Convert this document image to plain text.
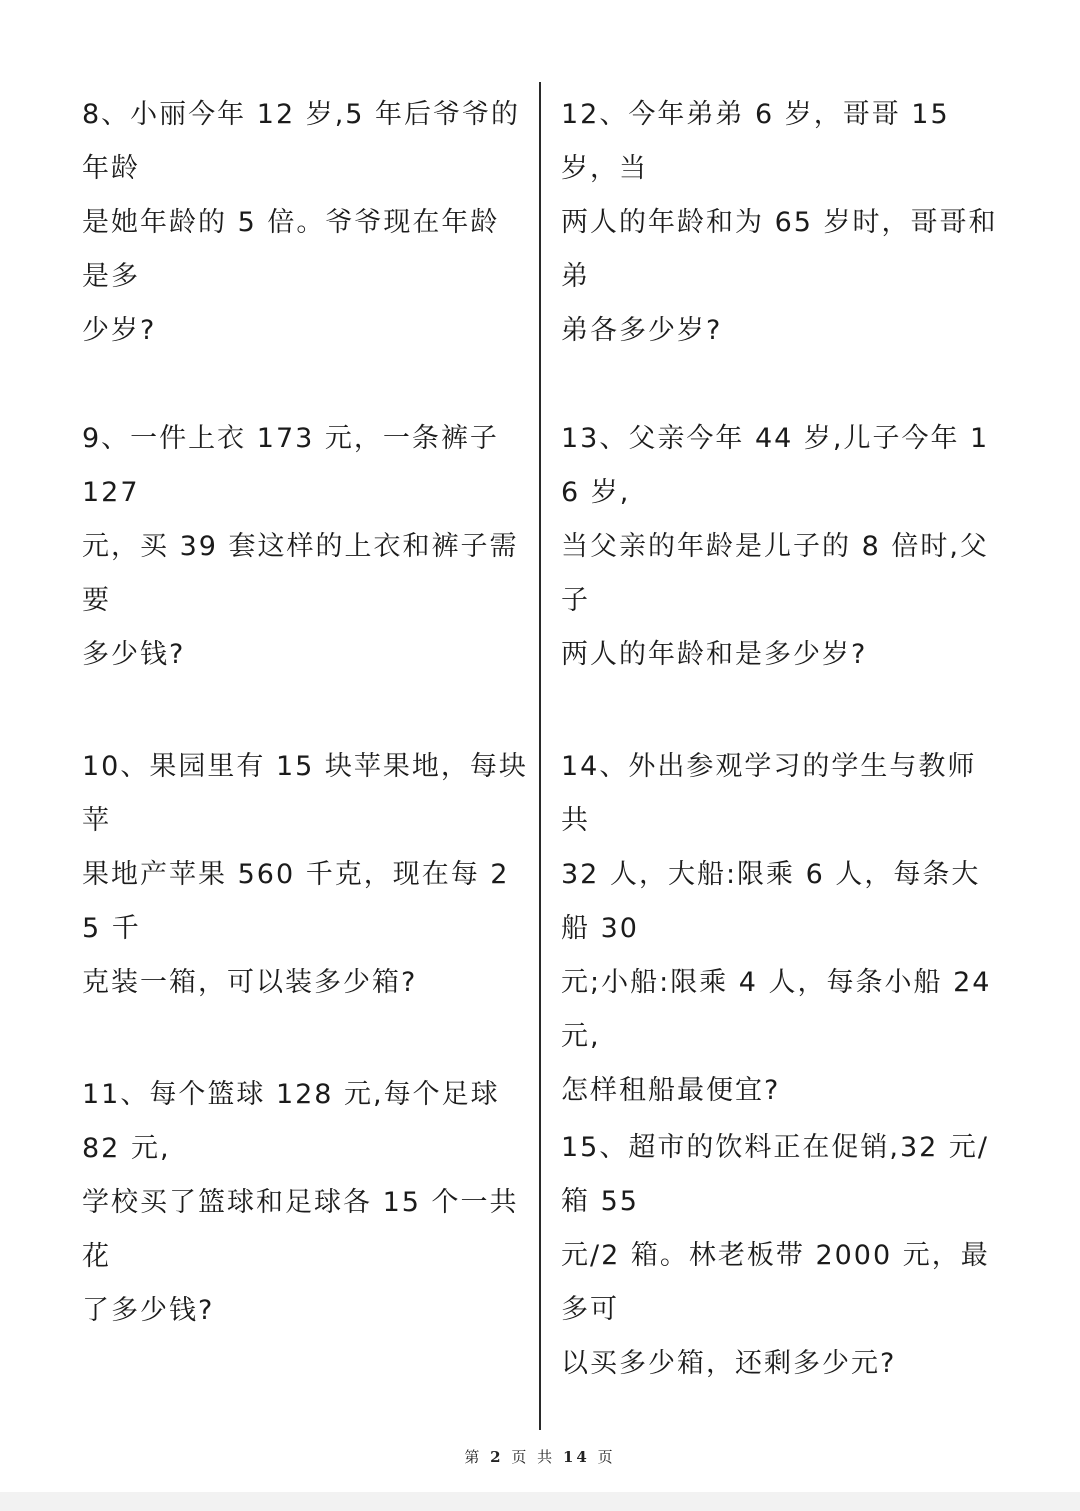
8、小丽今年 12 岁,5 年后爷爷的年龄
是她年龄的 5 倍。爷爷现在年龄是多
少岁?
9、一件上衣 173 元，一条裤子 127
元，买 39 套这样的上衣和裤子需要
多少钱?
10、果园里有 15 块苹果地，每块苹
果地产苹果 560 千克，现在每 25 千
克装一箱，可以装多少箱?
11、每个篮球 128 元,每个足球 82 元,
学校买了篮球和足球各 15 个一共花
了多少钱?
12、今年弟弟 6 岁，哥哥 15 岁，当
两人的年龄和为 65 岁时，哥哥和弟
弟各多少岁?
13、父亲今年 44 岁,儿子今年 16 岁,
当父亲的年龄是儿子的 8 倍时,父子
两人的年龄和是多少岁?
14、外出参观学习的学生与教师共
32 人，大船:限乘 6 人，每条大船 30
元;小船:限乘 4 人，每条小船 24 元,
怎样租船最便宜?
15、超市的饮料正在促销,32 元/箱 55
元/2 箱。林老板带 2000 元，最多可
以买多少箱，还剩多少元?
第 2 页 共 14 页
